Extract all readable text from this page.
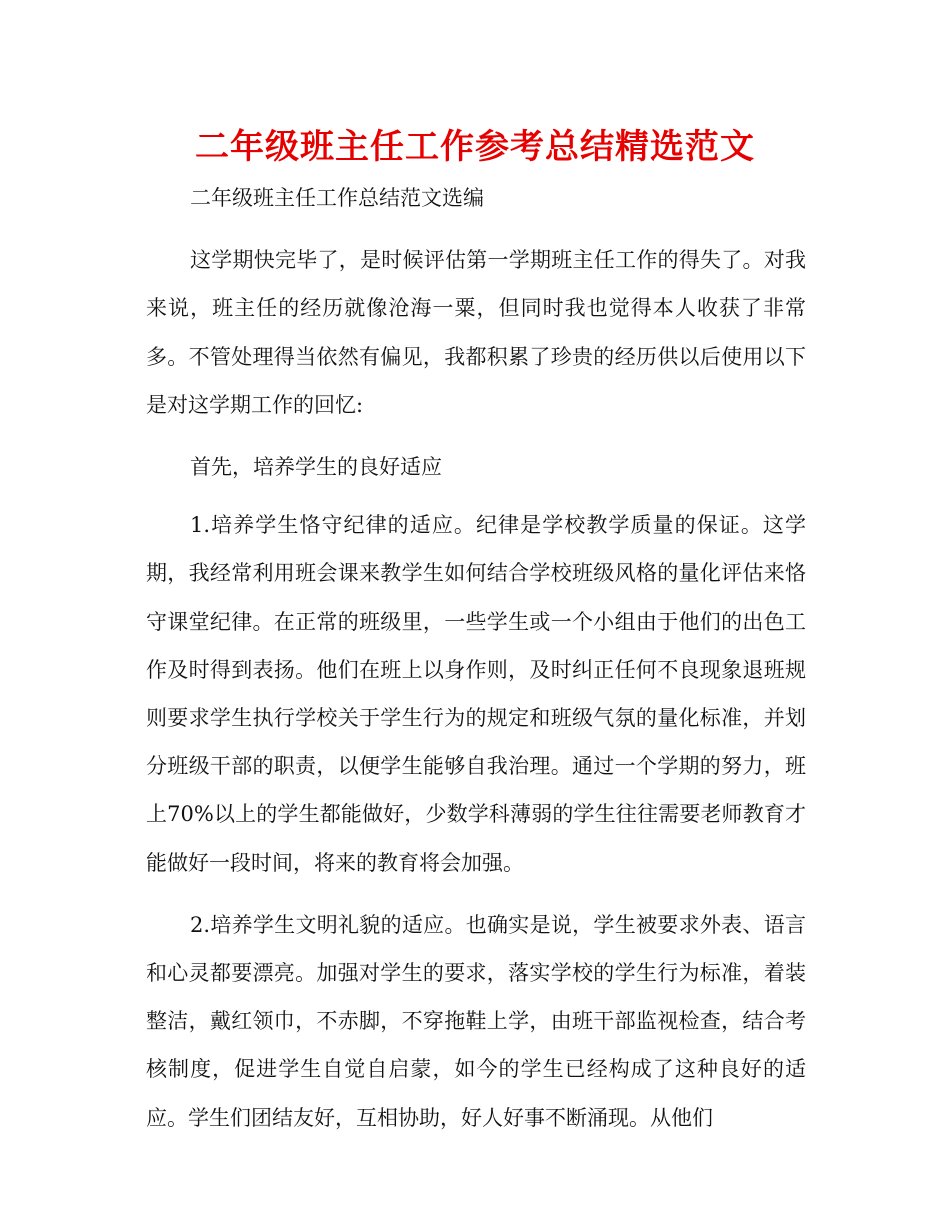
二年级班主任工作参考总结精选范文

二年级班主任工作总结范文选编

这学期快完毕了，是时候评估第一学期班主任工作的得失了。对我来说，班主任的经历就像沧海一粟，但同时我也觉得本人收获了非常多。不管处理得当依然有偏见，我都积累了珍贵的经历供以后使用以下是对这学期工作的回忆:

首先，培养学生的良好适应

1.培养学生恪守纪律的适应。纪律是学校教学质量的保证。这学期，我经常利用班会课来教学生如何结合学校班级风格的量化评估来恪守课堂纪律。在正常的班级里，一些学生或一个小组由于他们的出色工作及时得到表扬。他们在班上以身作则，及时纠正任何不良现象退班规则要求学生执行学校关于学生行为的规定和班级气氛的量化标准，并划分班级干部的职责，以便学生能够自我治理。通过一个学期的努力，班上70%以上的学生都能做好，少数学科薄弱的学生往往需要老师教育才能做好一段时间，将来的教育将会加强。

2.培养学生文明礼貌的适应。也确实是说，学生被要求外表、语言和心灵都要漂亮。加强对学生的要求，落实学校的学生行为标准，着装整洁，戴红领巾，不赤脚，不穿拖鞋上学，由班干部监视检查，结合考核制度，促进学生自觉自启蒙，如今的学生已经构成了这种良好的适应。学生们团结友好，互相协助，好人好事不断涌现。从他们
